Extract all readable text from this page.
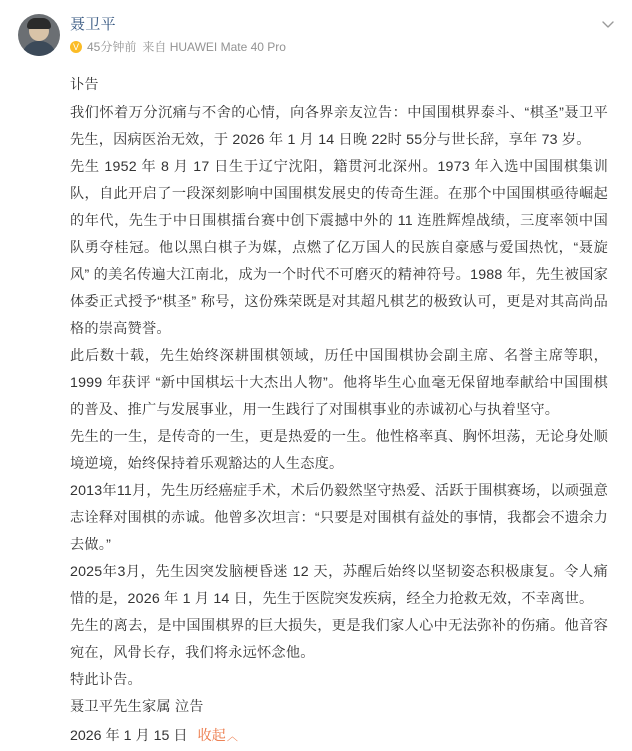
聂卫平
V 45分钟前 来自 HUAWEI Mate 40 Pro

讣告

我们怀着万分沉痛与不舍的心情，向各界亲友泣告：中国围棋界泰斗、“棋圣”聂卫平先生，因病医治无效，于 2026 年 1 月 14 日晚 22时 55分与世长辞，享年 73 岁。

先生 1952 年 8 月 17 日生于辽宁沈阳，籍贯河北深州。1973 年入选中国围棋集训队，自此开启了一段深刻影响中国围棋发展史的传奇生涯。在那个中国围棋亟待崛起的年代，先生于中日围棋擂台赛中创下震撼中外的 11 连胜辉煌战绩，三度率领中国队勇夺桂冠。他以黑白棋子为媒，点燃了亿万国人的民族自豪感与爱国热忱，“聂旋风” 的美名传遍大江南北，成为一个时代不可磨灭的精神符号。1988 年，先生被国家体委正式授予“棋圣” 称号，这份殊荣既是对其超凡棋艺的极致认可，更是对其高尚品格的崇高赞誉。

此后数十载，先生始终深耕围棋领域，历任中国围棋协会副主席、名誉主席等职，1999 年获评 “新中国棋坛十大杰出人物”。他将毕生心血毫无保留地奉献给中国围棋的普及、推广与发展事业，用一生践行了对围棋事业的赤诚初心与执着坚守。

先生的一生，是传奇的一生，更是热爱的一生。他性格率真、胸怀坦荡，无论身处顺境逆境，始终保持着乐观豁达的人生态度。

2013年11月，先生历经癌症手术，术后仍毅然坚守热爱、活跃于围棋赛场，以顽强意志诠释对围棋的赤诚。他曾多次坦言：“只要是对围棋有益处的事情，我都会不遗余力去做。”

2025年3月，先生因突发脑梗昏迷 12 天，苏醒后始终以坚韧姿态积极康复。令人痛惜的是，2026 年 1 月 14 日，先生于医院突发疾病，经全力抢救无效，不幸离世。

先生的离去，是中国围棋界的巨大损失，更是我们家人心中无法弥补的伤痛。他音容宛在，风骨长存，我们将永远怀念他。

特此讣告。

聂卫平先生家属 泣告

2026 年 1 月 15 日 收起︿
